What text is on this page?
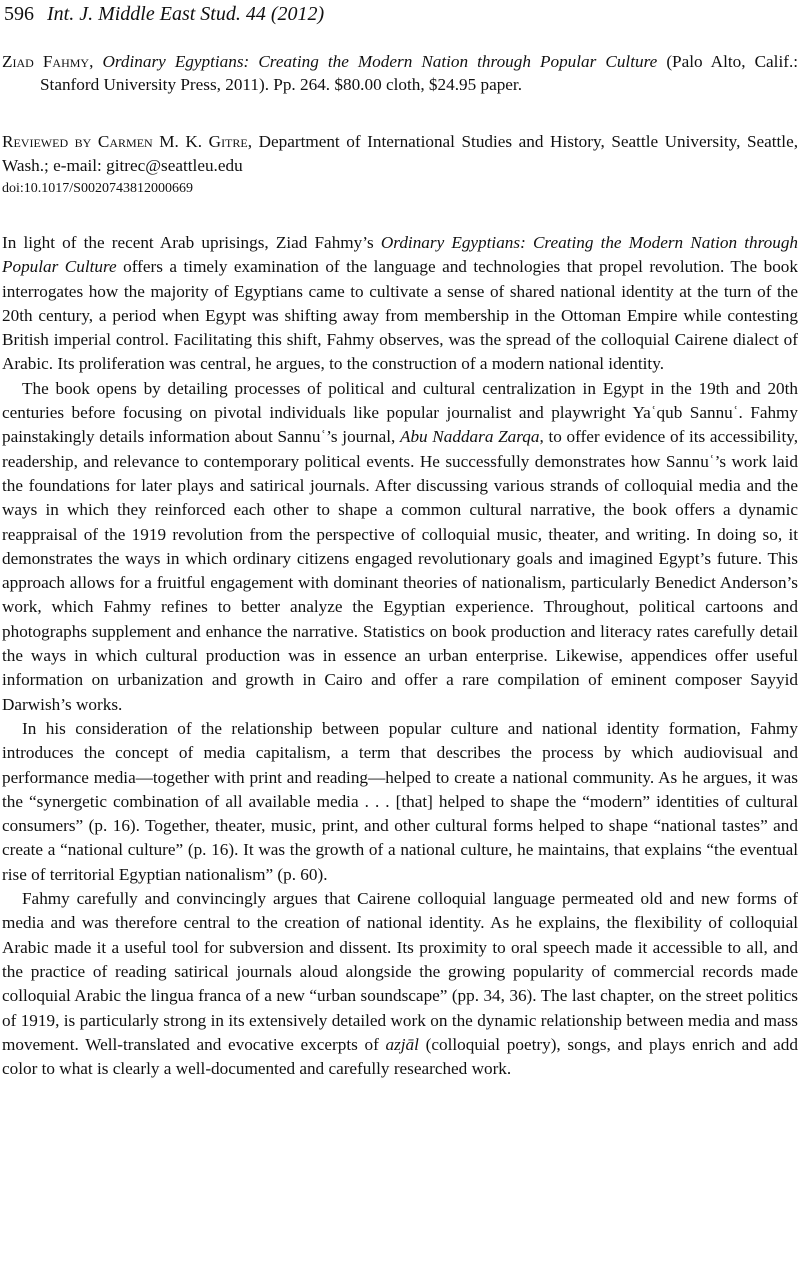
596 Int. J. Middle East Stud. 44 (2012)
Ziad Fahmy, Ordinary Egyptians: Creating the Modern Nation through Popular Culture (Palo Alto, Calif.: Stanford University Press, 2011). Pp. 264. $80.00 cloth, $24.95 paper.
Reviewed by Carmen M. K. Gitre, Department of International Studies and History, Seattle University, Seattle, Wash.; e-mail: gitrec@seattleu.edu
doi:10.1017/S0020743812000669

In light of the recent Arab uprisings, Ziad Fahmy’s Ordinary Egyptians: Creating the Modern Nation through Popular Culture offers a timely examination of the language and technologies that propel revolution. The book interrogates how the majority of Egyptians came to cultivate a sense of shared national identity at the turn of the 20th century, a period when Egypt was shifting away from membership in the Ottoman Empire while contesting British imperial control. Facilitating this shift, Fahmy observes, was the spread of the colloquial Cairene dialect of Arabic. Its proliferation was central, he argues, to the construction of a modern national identity.

The book opens by detailing processes of political and cultural centralization in Egypt in the 19th and 20th centuries before focusing on pivotal individuals like popular journalist and playwright Yaʿqub Sannuʿ. Fahmy painstakingly details information about Sannuʿ’s journal, Abu Naddara Zarqa, to offer evidence of its accessibility, readership, and relevance to contemporary political events. He successfully demonstrates how Sannuʿ’s work laid the foundations for later plays and satirical journals. After discussing various strands of colloquial media and the ways in which they reinforced each other to shape a common cultural narrative, the book offers a dynamic reappraisal of the 1919 revolution from the perspective of colloquial music, theater, and writing. In doing so, it demonstrates the ways in which ordinary citizens engaged revolutionary goals and imagined Egypt’s future. This approach allows for a fruitful engagement with dominant theories of nationalism, particularly Benedict Anderson’s work, which Fahmy refines to better analyze the Egyptian experience. Throughout, political cartoons and photographs supplement and enhance the narrative. Statistics on book production and literacy rates carefully detail the ways in which cultural production was in essence an urban enterprise. Likewise, appendices offer useful information on urbanization and growth in Cairo and offer a rare compilation of eminent composer Sayyid Darwish’s works.

In his consideration of the relationship between popular culture and national identity formation, Fahmy introduces the concept of media capitalism, a term that describes the process by which audiovisual and performance media—together with print and reading—helped to create a national community. As he argues, it was the “synergetic combination of all available media . . . [that] helped to shape the “modern” identities of cultural consumers” (p. 16). Together, theater, music, print, and other cultural forms helped to shape “national tastes” and create a “national culture” (p. 16). It was the growth of a national culture, he maintains, that explains “the eventual rise of territorial Egyptian nationalism” (p. 60).

Fahmy carefully and convincingly argues that Cairene colloquial language permeated old and new forms of media and was therefore central to the creation of national identity. As he explains, the flexibility of colloquial Arabic made it a useful tool for subversion and dissent. Its proximity to oral speech made it accessible to all, and the practice of reading satirical journals aloud alongside the growing popularity of commercial records made colloquial Arabic the lingua franca of a new “urban soundscape” (pp. 34, 36). The last chapter, on the street politics of 1919, is particularly strong in its extensively detailed work on the dynamic relationship between media and mass movement. Well-translated and evocative excerpts of azjāl (colloquial poetry), songs, and plays enrich and add color to what is clearly a well-documented and carefully researched work.
